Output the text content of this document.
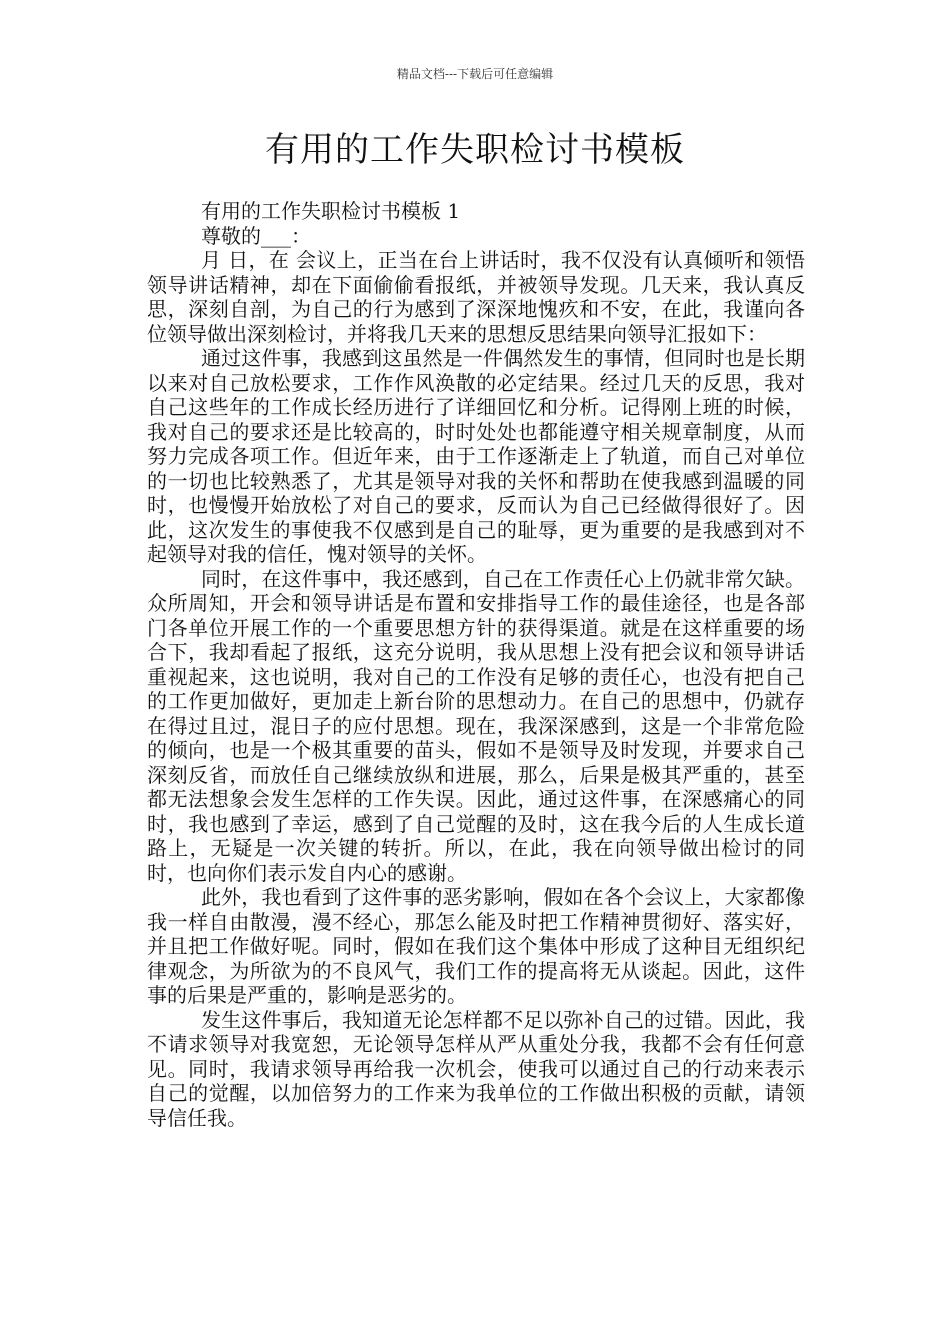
精品文档---下载后可任意编辑
有用的工作失职检讨书模板

有用的工作失职检讨书模板 1

尊敬的___：

月 日，在 会议上，正当在台上讲话时，我不仅没有认真倾听和领悟领导讲话精神，却在下面偷偷看报纸，并被领导发现。几天来，我认真反思，深刻自剖，为自己的行为感到了深深地愧疚和不安，在此，我谨向各位领导做出深刻检讨，并将我几天来的思想反思结果向领导汇报如下：

通过这件事，我感到这虽然是一件偶然发生的事情，但同时也是长期以来对自己放松要求，工作作风涣散的必定结果。经过几天的反思，我对自己这些年的工作成长经历进行了详细回忆和分析。记得刚上班的时候，我对自己的要求还是比较高的，时时处处也都能遵守相关规章制度，从而努力完成各项工作。但近年来，由于工作逐渐走上了轨道，而自己对单位的一切也比较熟悉了，尤其是领导对我的关怀和帮助在使我感到温暖的同时，也慢慢开始放松了对自己的要求，反而认为自己已经做得很好了。因此，这次发生的事使我不仅感到是自己的耻辱，更为重要的是我感到对不起领导对我的信任，愧对领导的关怀。

同时，在这件事中，我还感到，自己在工作责任心上仍就非常欠缺。众所周知，开会和领导讲话是布置和安排指导工作的最佳途径，也是各部门各单位开展工作的一个重要思想方针的获得渠道。就是在这样重要的场合下，我却看起了报纸，这充分说明，我从思想上没有把会议和领导讲话重视起来，这也说明，我对自己的工作没有足够的责任心，也没有把自己的工作更加做好，更加走上新台阶的思想动力。在自己的思想中，仍就存在得过且过，混日子的应付思想。现在，我深深感到，这是一个非常危险的倾向，也是一个极其重要的苗头，假如不是领导及时发现，并要求自己深刻反省，而放任自己继续放纵和进展，那么，后果是极其严重的，甚至都无法想象会发生怎样的工作失误。因此，通过这件事，在深感痛心的同时，我也感到了幸运，感到了自己觉醒的及时，这在我今后的人生成长道路上，无疑是一次关键的转折。所以，在此，我在向领导做出检讨的同时，也向你们表示发自内心的感谢。

此外，我也看到了这件事的恶劣影响，假如在各个会议上，大家都像我一样自由散漫，漫不经心，那怎么能及时把工作精神贯彻好、落实好，并且把工作做好呢。同时，假如在我们这个集体中形成了这种目无组织纪律观念，为所欲为的不良风气，我们工作的提高将无从谈起。因此，这件事的后果是严重的，影响是恶劣的。

发生这件事后，我知道无论怎样都不足以弥补自己的过错。因此，我不请求领导对我宽恕，无论领导怎样从严从重处分我，我都不会有任何意见。同时，我请求领导再给我一次机会，使我可以通过自己的行动来表示自己的觉醒，以加倍努力的工作来为我单位的工作做出积极的贡献，请领导信任我。
